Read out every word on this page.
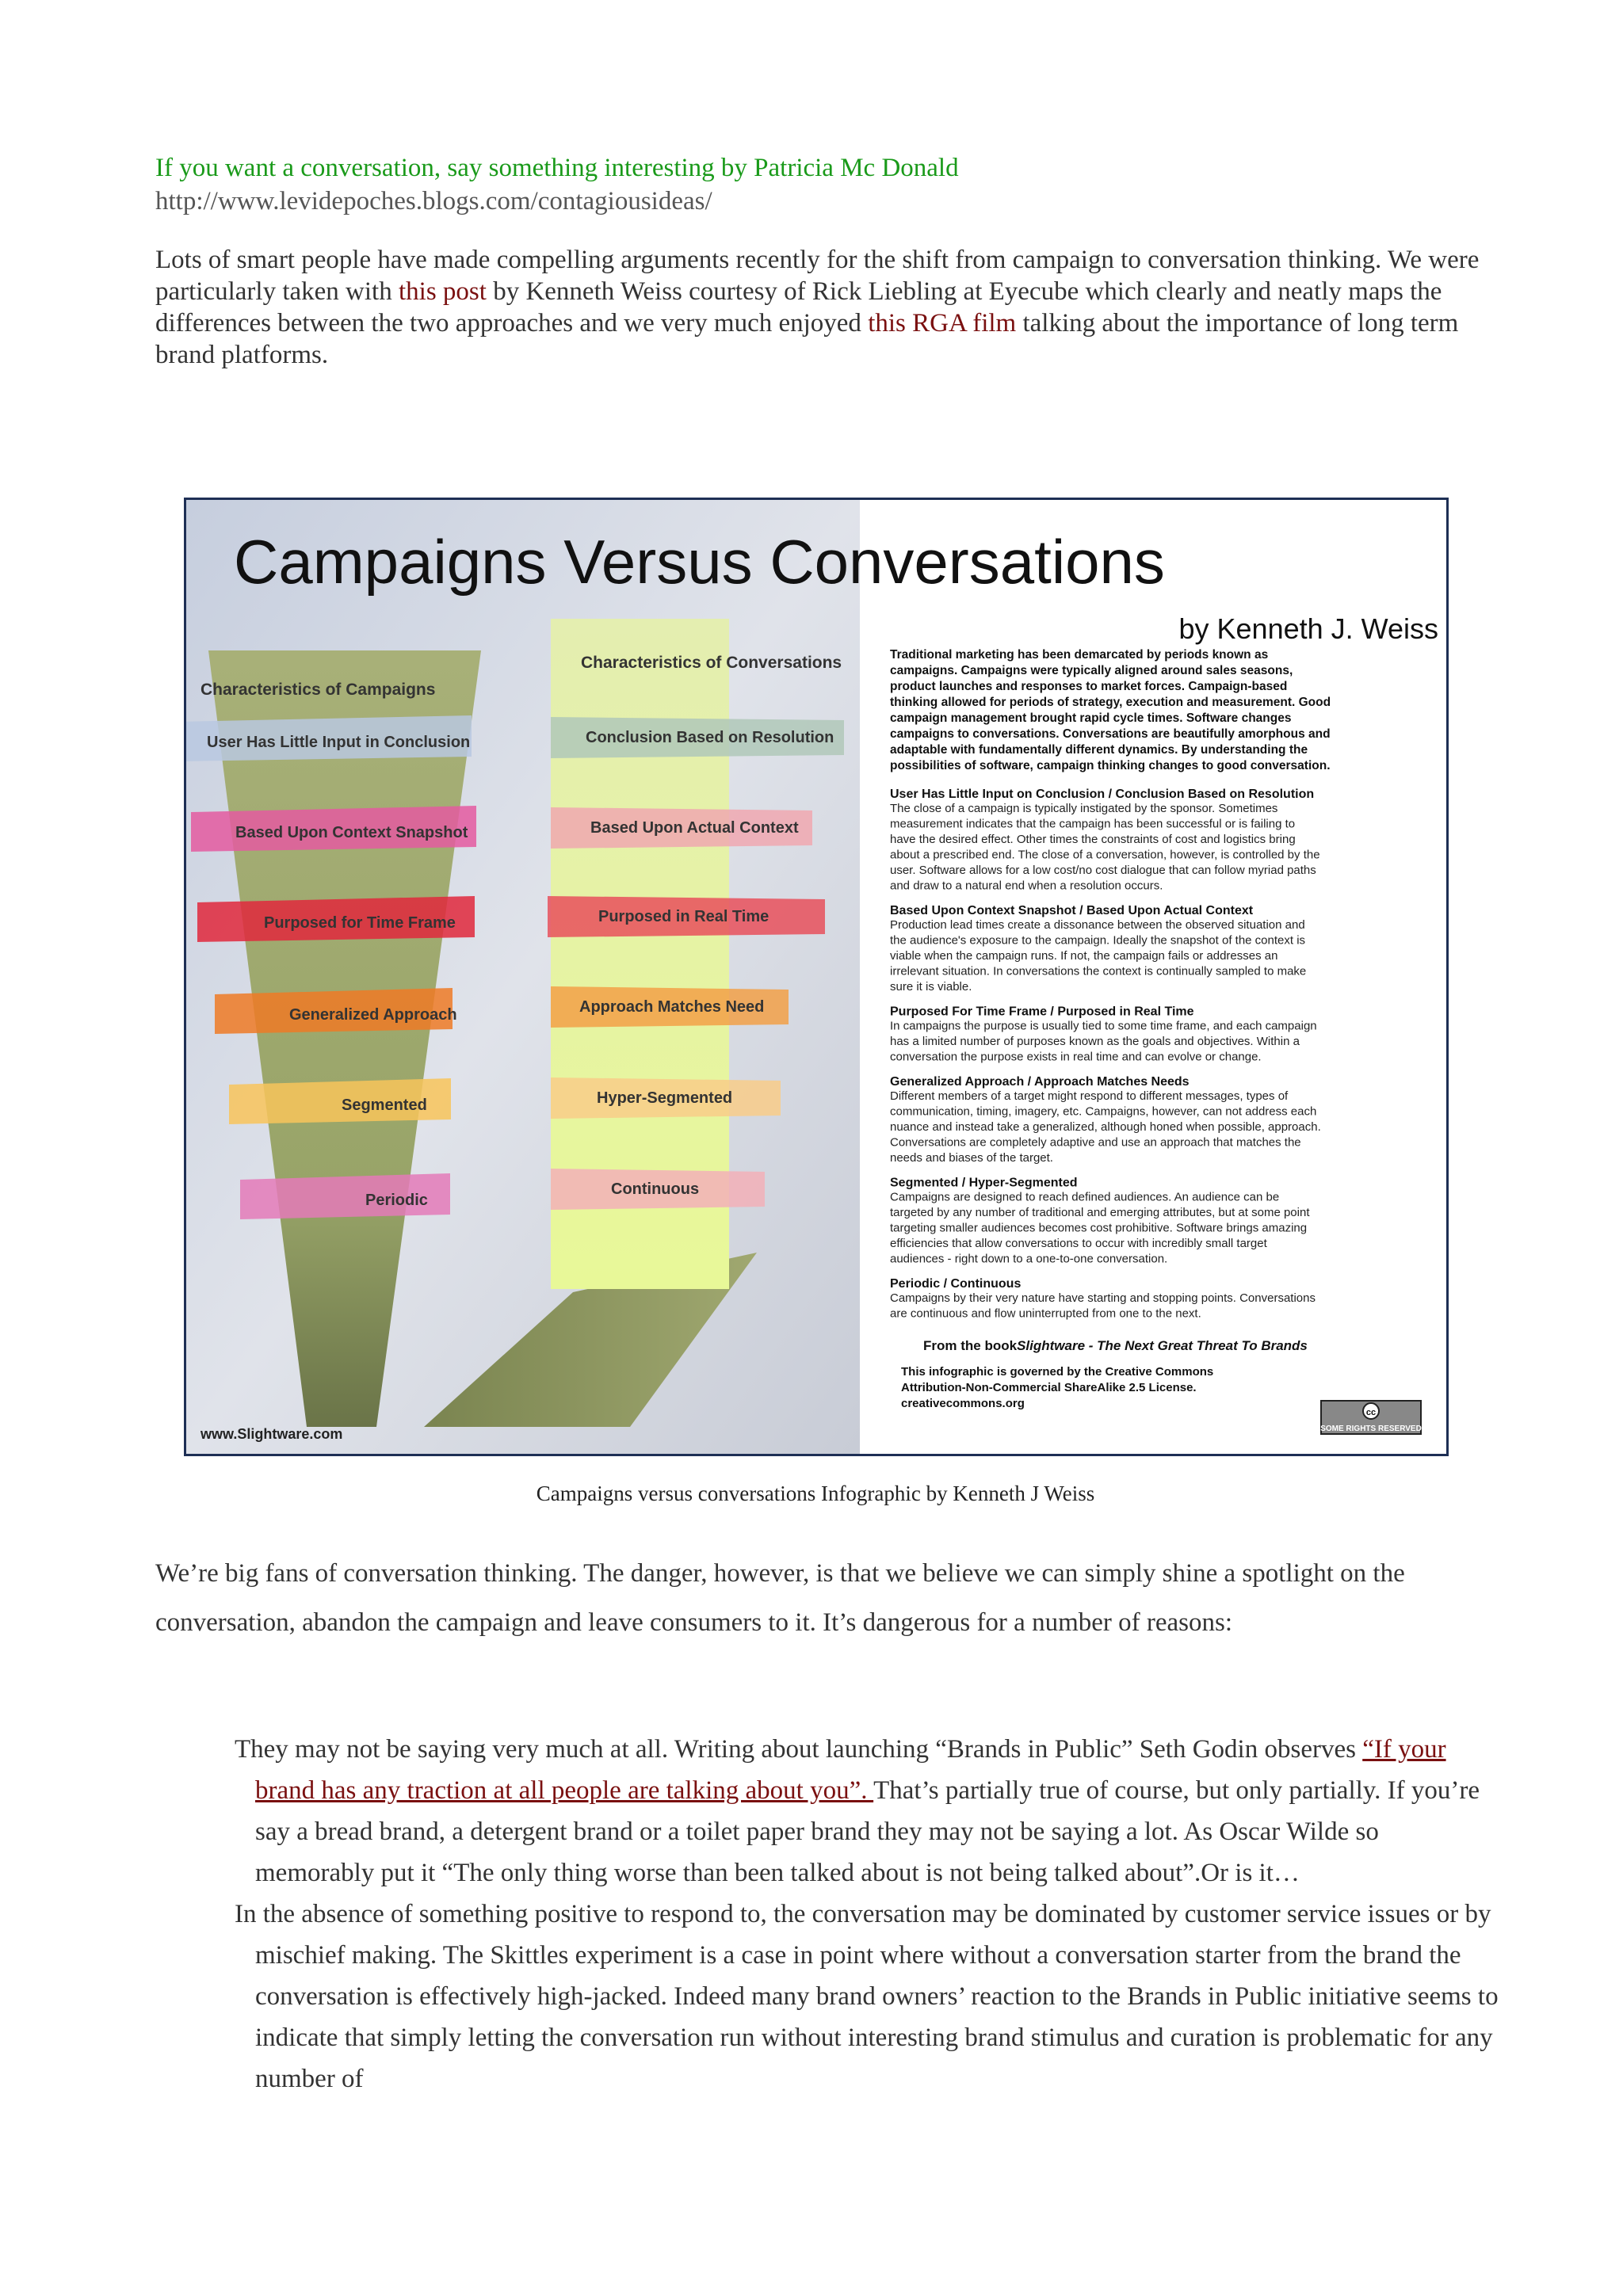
If you want a conversation, say something interesting by Patricia Mc Donald
http://www.levidepoches.blogs.com/contagiousideas/

Lots of smart people have made compelling arguments recently for the shift from campaign to conversation thinking. We were particularly taken with this post by Kenneth Weiss courtesy of Rick Liebling at Eyecube which clearly and neatly maps the differences between the two approaches and we very much enjoyed this RGA film talking about the importance of long term brand platforms.

Campaigns Versus Conversations
by Kenneth J. Weiss
Characteristics of Campaigns
Characteristics of Conversations
User Has Little Input in Conclusion
Based Upon Context Snapshot
Purposed for Time Frame
Generalized Approach
Segmented
Periodic
Conclusion Based on Resolution
Based Upon Actual Context
Purposed in Real Time
Approach Matches Need
Hyper-Segmented
Continuous
Traditional marketing has been demarcated by periods known as
campaigns. Campaigns were typically aligned around sales seasons,
product launches and responses to market forces. Campaign-based
thinking allowed for periods of strategy, execution and measurement. Good
campaign management brought rapid cycle times. Software changes
campaigns to conversations. Conversations are beautifully amorphous and
adaptable with fundamentally different dynamics. By understanding the
possibilities of software, campaign thinking changes to good conversation.
User Has Little Input on Conclusion / Conclusion Based on Resolution
The close of a campaign is typically instigated by the sponsor. Sometimes
measurement indicates that the campaign has been successful or is failing to
have the desired effect. Other times the constraints of cost and logistics bring
about a prescribed end. The close of a conversation, however, is controlled by the
user. Software allows for a low cost/no cost dialogue that can follow myriad paths
and draw to a natural end when a resolution occurs.
Based Upon Context Snapshot / Based Upon Actual Context
Production lead times create a dissonance between the observed situation and
the audience's exposure to the campaign. Ideally the snapshot of the context is
viable when the campaign runs. If not, the campaign fails or addresses an
irrelevant situation. In conversations the context is continually sampled to make
sure it is viable.
Purposed For Time Frame / Purposed in Real Time
In campaigns the purpose is usually tied to some time frame, and each campaign
has a limited number of purposes known as the goals and objectives. Within a
conversation the purpose exists in real time and can evolve or change.
Generalized Approach / Approach Matches Needs
Different members of a target might respond to different messages, types of
communication, timing, imagery, etc. Campaigns, however, can not address each
nuance and instead take a generalized, although honed when possible, approach.
Conversations are completely adaptive and use an approach that matches the
needs and biases of the target.
Segmented / Hyper-Segmented
Campaigns are designed to reach defined audiences. An audience can be
targeted by any number of traditional and emerging attributes, but at some point
targeting smaller audiences becomes cost prohibitive. Software brings amazing
efficiencies that allow conversations to occur with incredibly small target
audiences - right down to a one-to-one conversation.
Periodic / Continuous
Campaigns by their very nature have starting and stopping points. Conversations
are continuous and flow uninterrupted from one to the next.
From the bookSlightware - The Next Great Threat To Brands
This infographic is governed by the Creative Commons
Attribution-Non-Commercial ShareAlike 2.5 License.
creativecommons.org
www.Slightware.com
cc
SOME RIGHTS RESERVED
Campaigns versus conversations Infographic by Kenneth J Weiss

We’re big fans of conversation thinking. The danger, however, is that we believe we can simply shine a spotlight on the conversation, abandon the campaign and leave consumers to it. It’s dangerous for a number of reasons:

They may not be saying very much at all. Writing about launching “Brands in Public” Seth Godin observes “If your brand has any traction at all people are talking about you”. That’s partially true of course, but only partially. If you’re say a bread brand, a detergent brand or a toilet paper brand they may not be saying a lot. As Oscar Wilde so memorably put it “The only thing worse than been talked about is not being talked about”.Or is it…

In the absence of something positive to respond to, the conversation may be dominated by customer service issues or by mischief making. The Skittles experiment is a case in point where without a conversation starter from the brand the conversation is effectively high-jacked. Indeed many brand owners’ reaction to the Brands in Public initiative seems to indicate that simply letting the conversation run without interesting brand stimulus and curation is problematic for any number of
